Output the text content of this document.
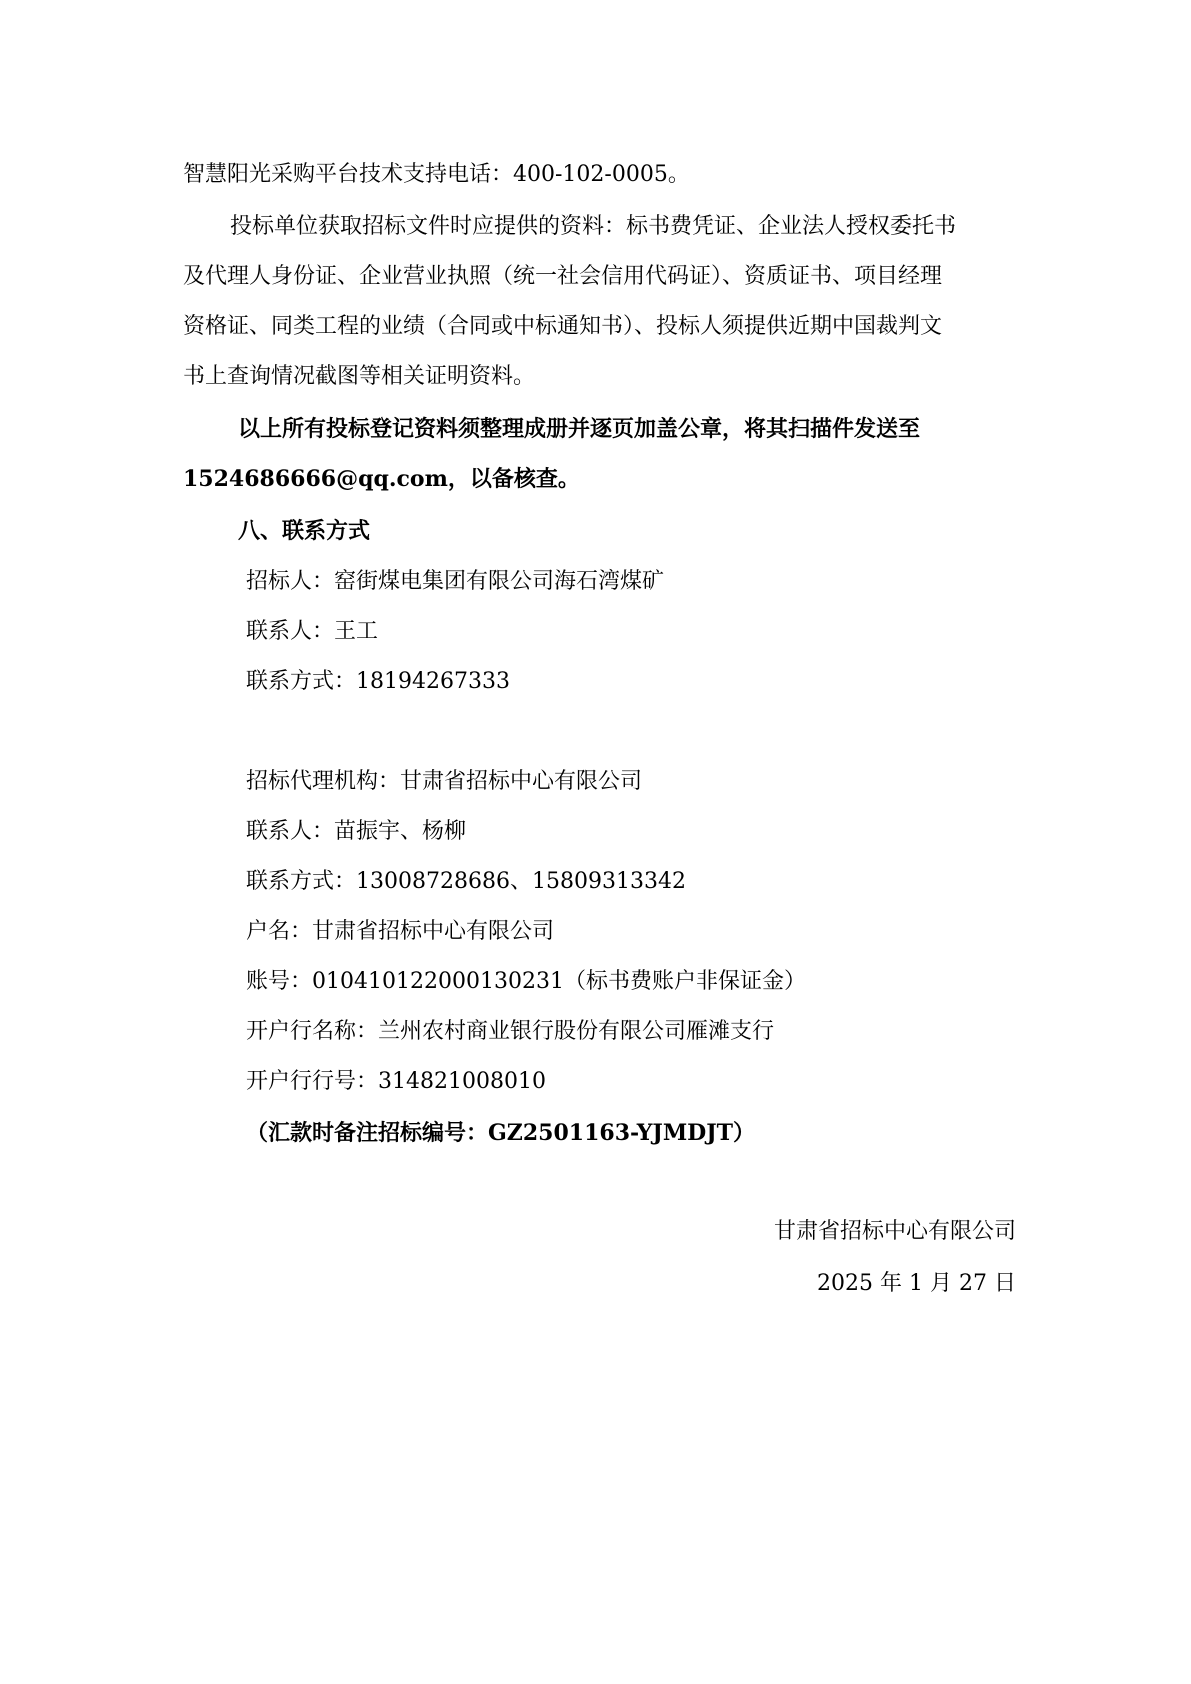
智慧阳光采购平台技术支持电话：400-102-0005。
投标单位获取招标文件时应提供的资料：标书费凭证、企业法人授权委托书
及代理人身份证、企业营业执照（统一社会信用代码证）、资质证书、项目经理
资格证、同类工程的业绩（合同或中标通知书）、投标人须提供近期中国裁判文
书上查询情况截图等相关证明资料。
以上所有投标登记资料须整理成册并逐页加盖公章，将其扫描件发送至
1524686666@qq.com，以备核查。
八、联系方式
招标人：窑街煤电集团有限公司海石湾煤矿
联系人：王工
联系方式：18194267333
招标代理机构：甘肃省招标中心有限公司
联系人：苗振宇、杨柳
联系方式：13008728686、15809313342
户名：甘肃省招标中心有限公司
账号：010410122000130231（标书费账户非保证金）
开户行名称：兰州农村商业银行股份有限公司雁滩支行
开户行行号：314821008010
（汇款时备注招标编号：GZ2501163-YJMDJT）
甘肃省招标中心有限公司
2025 年 1 月 27 日
